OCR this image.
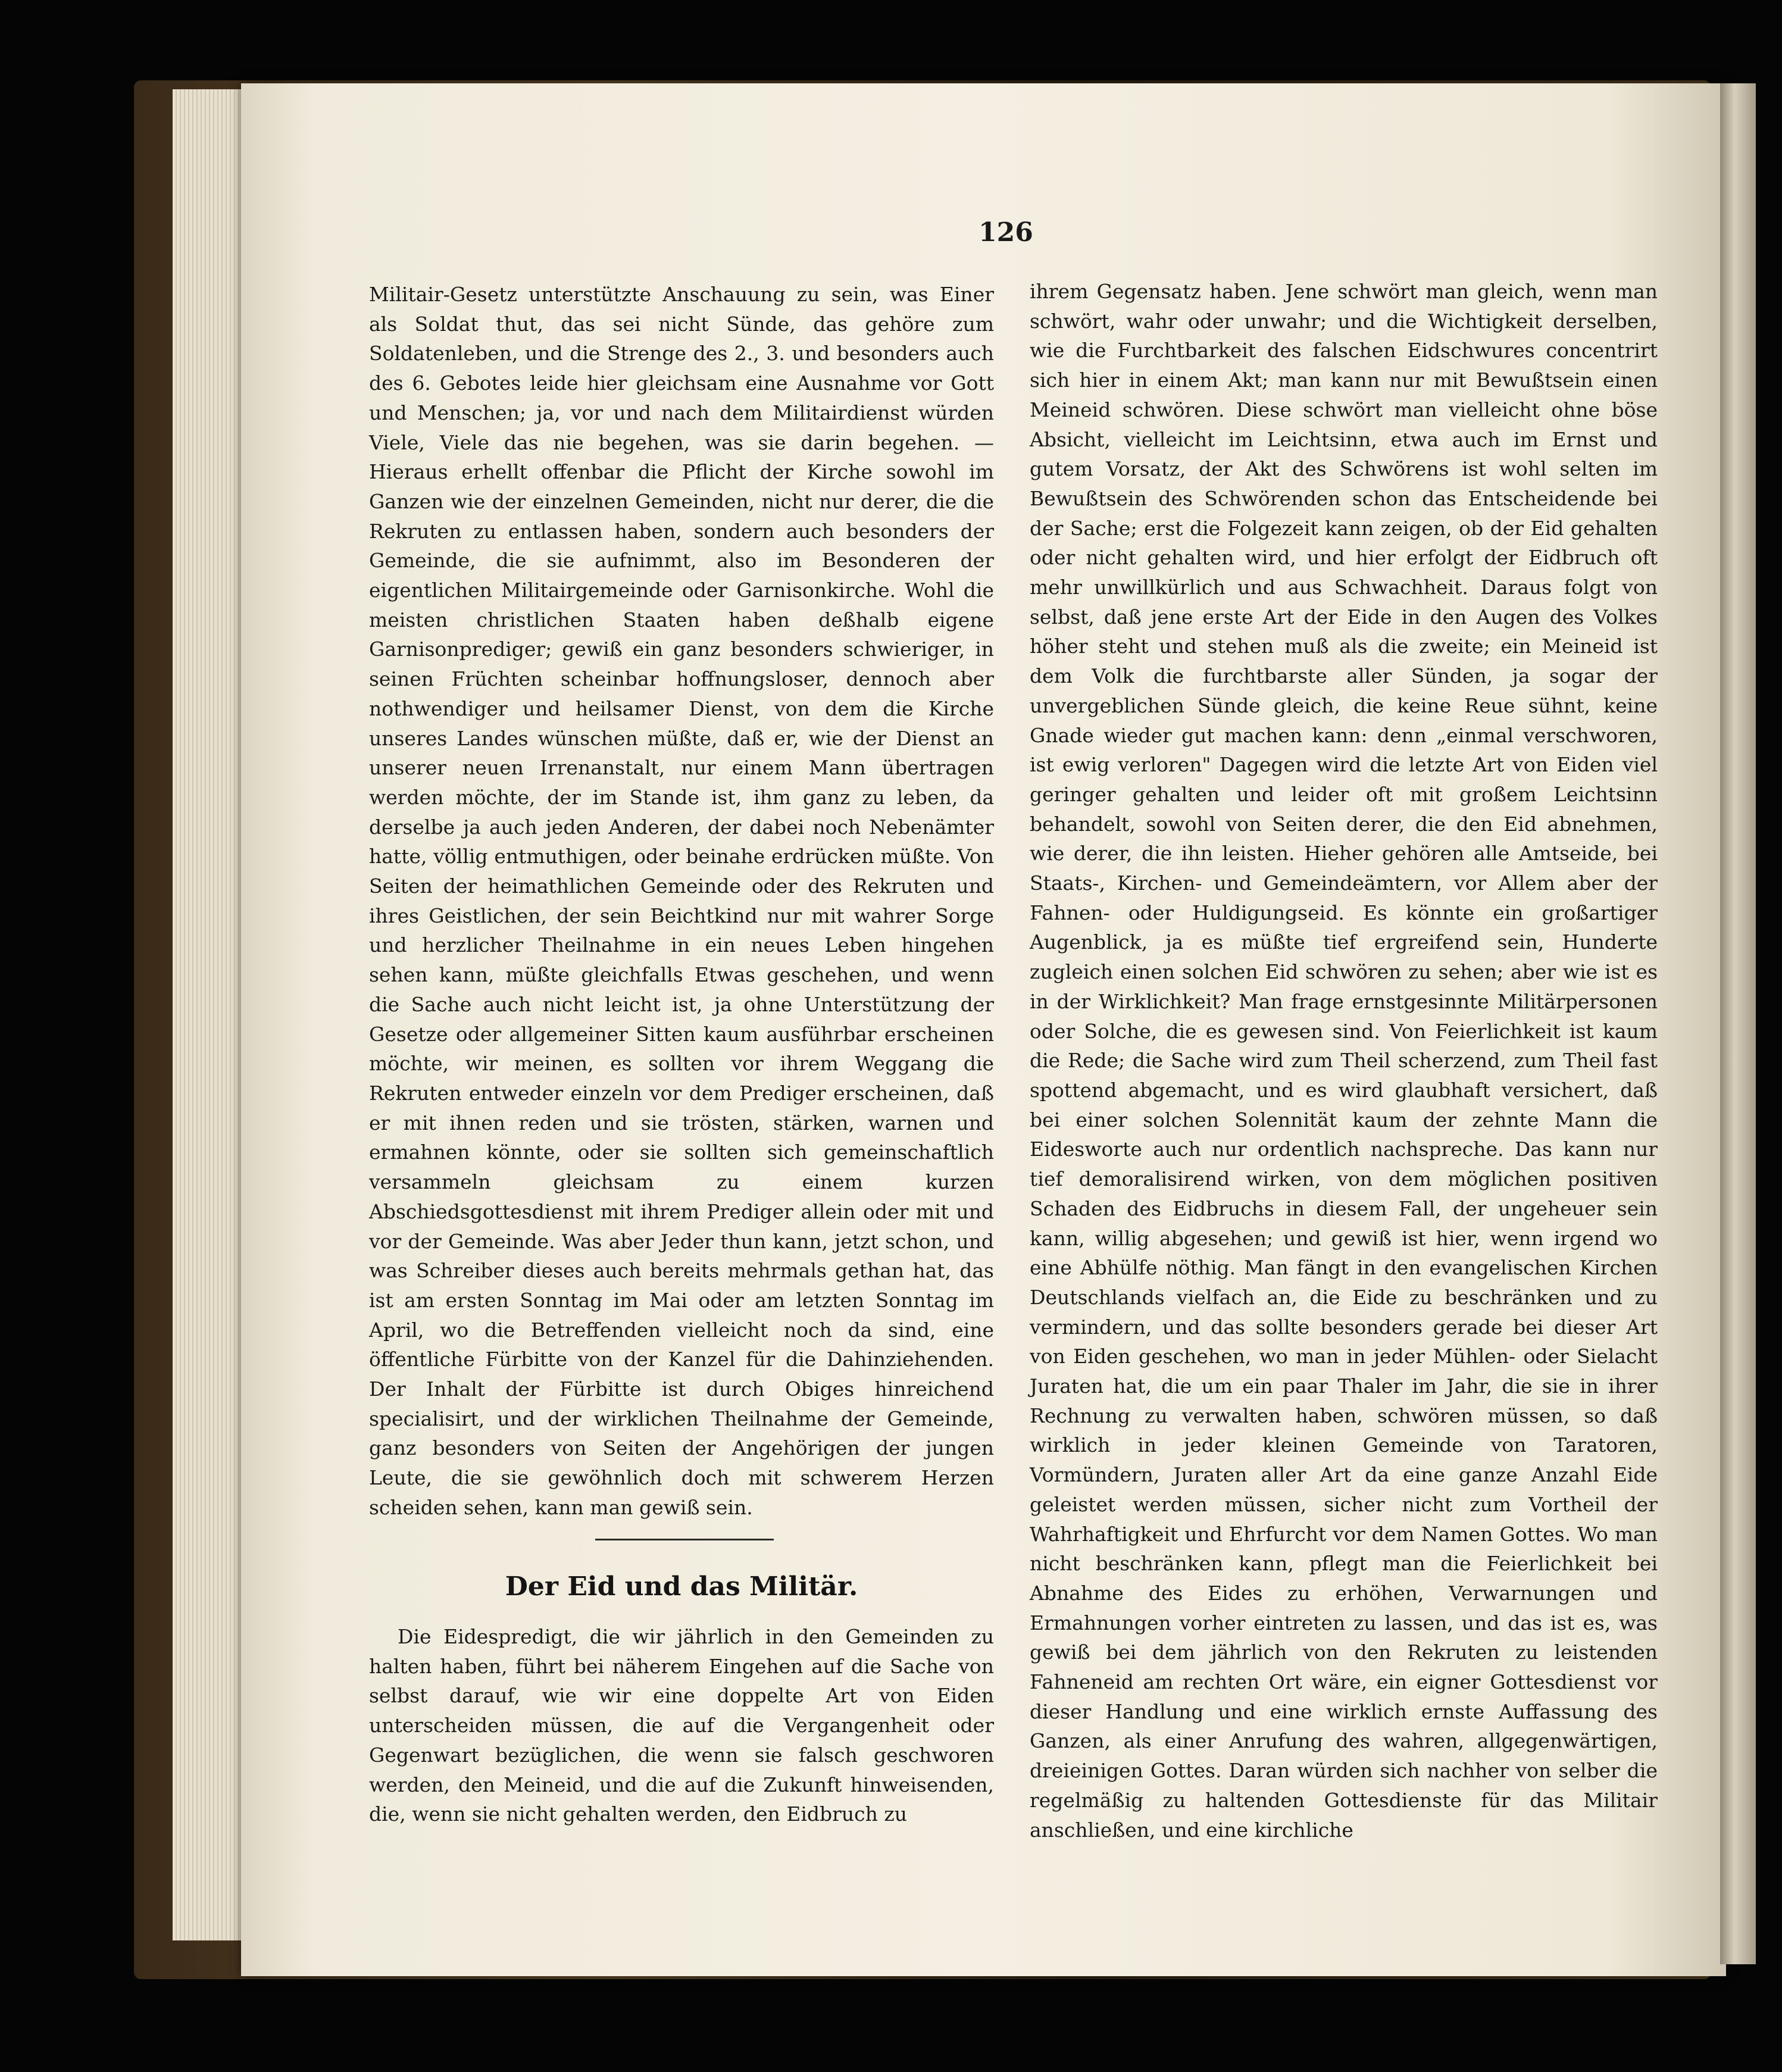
126

Militair-Gesetz unterstützte Anschauung zu sein, was Einer als Soldat thut, das sei nicht Sünde, das gehöre zum Soldatenleben, und die Strenge des 2., 3. und besonders auch des 6. Gebotes leide hier gleichsam eine Ausnahme vor Gott und Menschen; ja, vor und nach dem Militairdienst würden Viele, Viele das nie begehen, was sie darin begehen. — Hieraus erhellt offenbar die Pflicht der Kirche sowohl im Ganzen wie der einzelnen Gemeinden, nicht nur derer, die die Rekruten zu entlassen haben, sondern auch besonders der Gemeinde, die sie aufnimmt, also im Besonderen der eigentlichen Militairgemeinde oder Garnisonkirche. Wohl die meisten christlichen Staaten haben deßhalb eigene Garnisonprediger; gewiß ein ganz besonders schwieriger, in seinen Früchten scheinbar hoffnungsloser, dennoch aber nothwendiger und heilsamer Dienst, von dem die Kirche unseres Landes wünschen müßte, daß er, wie der Dienst an unserer neuen Irrenanstalt, nur einem Mann übertragen werden möchte, der im Stande ist, ihm ganz zu leben, da derselbe ja auch jeden Anderen, der dabei noch Nebenämter hatte, völlig entmuthigen, oder beinahe erdrücken müßte. Von Seiten der heimathlichen Gemeinde oder des Rekruten und ihres Geistlichen, der sein Beichtkind nur mit wahrer Sorge und herzlicher Theilnahme in ein neues Leben hingehen sehen kann, müßte gleichfalls Etwas geschehen, und wenn die Sache auch nicht leicht ist, ja ohne Unterstützung der Gesetze oder allgemeiner Sitten kaum ausführbar erscheinen möchte, wir meinen, es sollten vor ihrem Weggang die Rekruten entweder einzeln vor dem Prediger erscheinen, daß er mit ihnen reden und sie trösten, stärken, warnen und ermahnen könnte, oder sie sollten sich gemeinschaftlich versammeln gleichsam zu einem kurzen Abschiedsgottesdienst mit ihrem Prediger allein oder mit und vor der Gemeinde. Was aber Jeder thun kann, jetzt schon, und was Schreiber dieses auch bereits mehrmals gethan hat, das ist am ersten Sonntag im Mai oder am letzten Sonntag im April, wo die Betreffenden vielleicht noch da sind, eine öffentliche Fürbitte von der Kanzel für die Dahinziehenden. Der Inhalt der Fürbitte ist durch Obiges hinreichend specialisirt, und der wirklichen Theilnahme der Gemeinde, ganz besonders von Seiten der Angehörigen der jungen Leute, die sie gewöhnlich doch mit schwerem Herzen scheiden sehen, kann man gewiß sein.

Der Eid und das Militär.

Die Eidespredigt, die wir jährlich in den Gemeinden zu halten haben, führt bei näherem Eingehen auf die Sache von selbst darauf, wie wir eine doppelte Art von Eiden unterscheiden müssen, die auf die Vergangenheit oder Gegenwart bezüglichen, die wenn sie falsch geschworen werden, den Meineid, und die auf die Zukunft hinweisenden, die, wenn sie nicht gehalten werden, den Eidbruch zu

ihrem Gegensatz haben. Jene schwört man gleich, wenn man schwört, wahr oder unwahr; und die Wichtigkeit derselben, wie die Furchtbarkeit des falschen Eidschwures concentrirt sich hier in einem Akt; man kann nur mit Bewußtsein einen Meineid schwören. Diese schwört man vielleicht ohne böse Absicht, vielleicht im Leichtsinn, etwa auch im Ernst und gutem Vorsatz, der Akt des Schwörens ist wohl selten im Bewußtsein des Schwörenden schon das Entscheidende bei der Sache; erst die Folgezeit kann zeigen, ob der Eid gehalten oder nicht gehalten wird, und hier erfolgt der Eidbruch oft mehr unwillkürlich und aus Schwachheit. Daraus folgt von selbst, daß jene erste Art der Eide in den Augen des Volkes höher steht und stehen muß als die zweite; ein Meineid ist dem Volk die furchtbarste aller Sünden, ja sogar der unvergeblichen Sünde gleich, die keine Reue sühnt, keine Gnade wieder gut machen kann: denn „einmal verschworen, ist ewig verloren" Dagegen wird die letzte Art von Eiden viel geringer gehalten und leider oft mit großem Leichtsinn behandelt, sowohl von Seiten derer, die den Eid abnehmen, wie derer, die ihn leisten. Hieher gehören alle Amtseide, bei Staats-, Kirchen- und Gemeindeämtern, vor Allem aber der Fahnen- oder Huldigungseid. Es könnte ein großartiger Augenblick, ja es müßte tief ergreifend sein, Hunderte zugleich einen solchen Eid schwören zu sehen; aber wie ist es in der Wirklichkeit? Man frage ernstgesinnte Militärpersonen oder Solche, die es gewesen sind. Von Feierlichkeit ist kaum die Rede; die Sache wird zum Theil scherzend, zum Theil fast spottend abgemacht, und es wird glaubhaft versichert, daß bei einer solchen Solennität kaum der zehnte Mann die Eidesworte auch nur ordentlich nachspreche. Das kann nur tief demoralisirend wirken, von dem möglichen positiven Schaden des Eidbruchs in diesem Fall, der ungeheuer sein kann, willig abgesehen; und gewiß ist hier, wenn irgend wo eine Abhülfe nöthig. Man fängt in den evangelischen Kirchen Deutschlands vielfach an, die Eide zu beschränken und zu vermindern, und das sollte besonders gerade bei dieser Art von Eiden geschehen, wo man in jeder Mühlen- oder Sielacht Juraten hat, die um ein paar Thaler im Jahr, die sie in ihrer Rechnung zu verwalten haben, schwören müssen, so daß wirklich in jeder kleinen Gemeinde von Taratoren, Vormündern, Juraten aller Art da eine ganze Anzahl Eide geleistet werden müssen, sicher nicht zum Vortheil der Wahrhaftigkeit und Ehrfurcht vor dem Namen Gottes. Wo man nicht beschränken kann, pflegt man die Feierlichkeit bei Abnahme des Eides zu erhöhen, Verwarnungen und Ermahnungen vorher eintreten zu lassen, und das ist es, was gewiß bei dem jährlich von den Rekruten zu leistenden Fahneneid am rechten Ort wäre, ein eigner Gottesdienst vor dieser Handlung und eine wirklich ernste Auffassung des Ganzen, als einer Anrufung des wahren, allgegenwärtigen, dreieinigen Gottes. Daran würden sich nachher von selber die regelmäßig zu haltenden Gottesdienste für das Militair anschließen, und eine kirchliche
